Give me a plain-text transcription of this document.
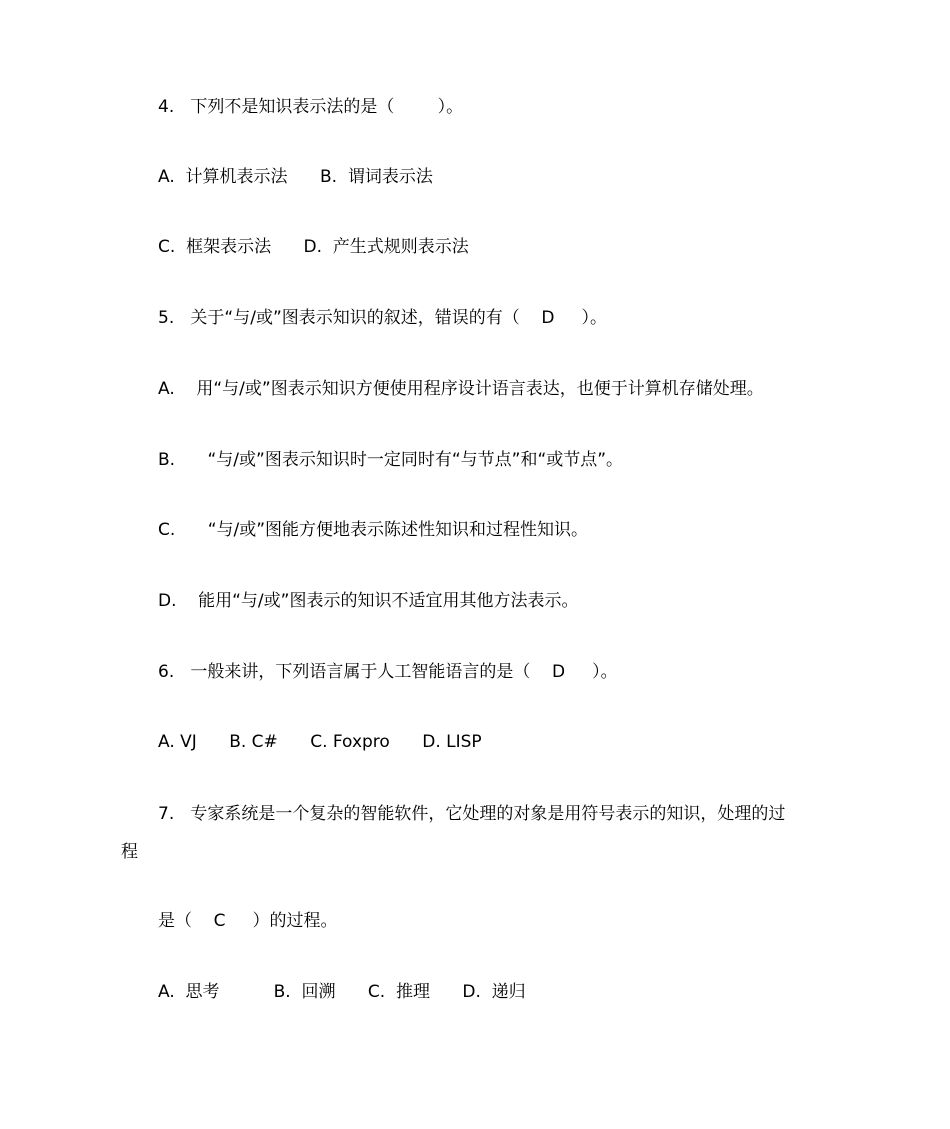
4.   下列不是知识表示法的是（        ）。
A.  计算机表示法      B.  谓词表示法
C.  框架表示法      D.  产生式规则表示法
5.   关于“与/或”图表示知识的叙述，错误的有（    D     ）。
A.    用“与/或”图表示知识方便使用程序设计语言表达，也便于计算机存储处理。
B.      “与/或”图表示知识时一定同时有“与节点”和“或节点”。
C.      “与/或”图能方便地表示陈述性知识和过程性知识。
D.    能用“与/或”图表示的知识不适宜用其他方法表示。
6.   一般来讲，下列语言属于人工智能语言的是（    D     ）。
A. VJ      B. C#      C. Foxpro      D. LISP
7.   专家系统是一个复杂的智能软件，它处理的对象是用符号表示的知识，处理的过
程
是（    C     ）的过程。
A.  思考          B.  回溯      C.  推理      D.  递归
